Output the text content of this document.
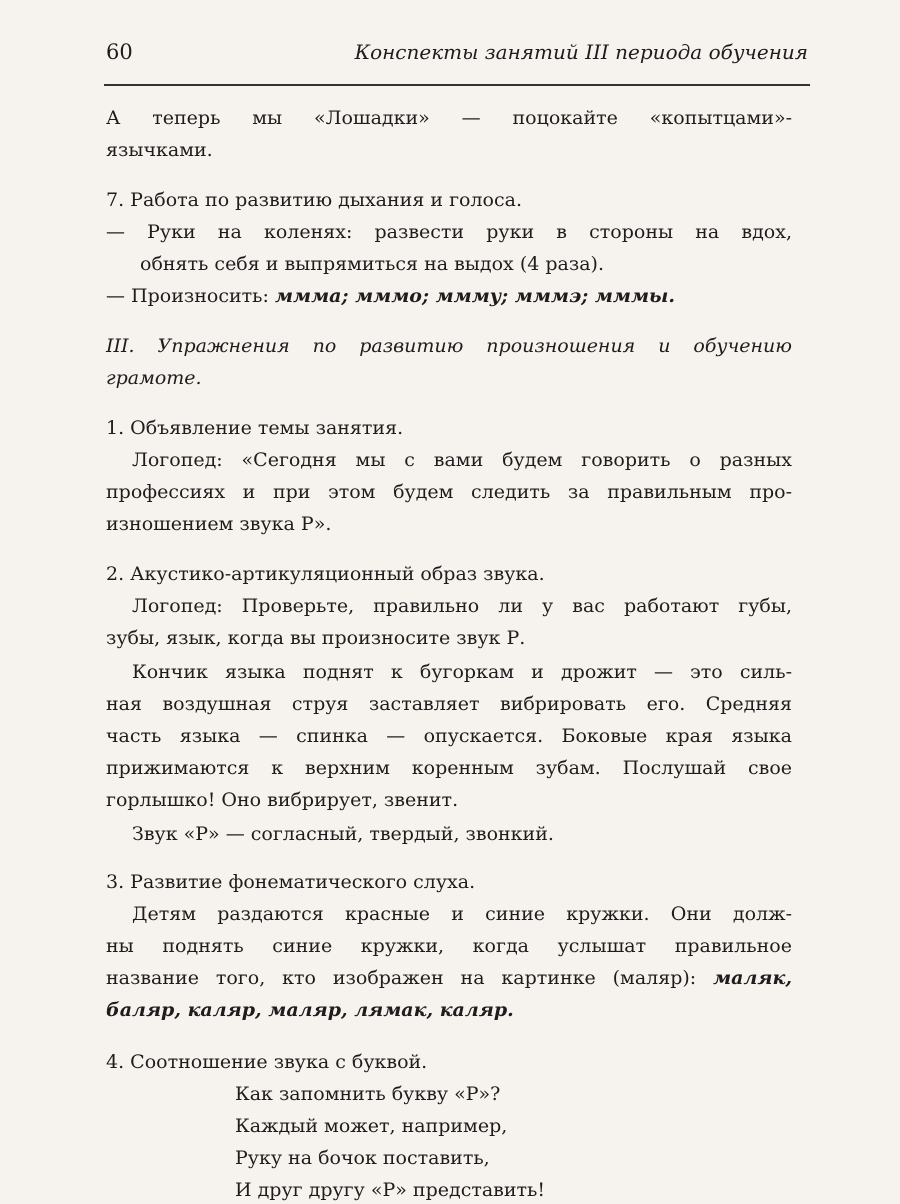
60	Конспекты занятий III периода обучения
А теперь мы «Лошадки» — поцокайте «копытцами»-
язычками.
7. Работа по развитию дыхания и голоса.
— Руки на коленях: развести руки в стороны на вдох,
обнять себя и выпрямиться на выдох (4 раза).
— Произносить: ммма; мммо; ммму; мммэ; мммы.
III. Упражнения по развитию произношения и обучению
грамоте.
1. Объявление темы занятия.
Логопед: «Сегодня мы с вами будем говорить о разных
профессиях и при этом будем следить за правильным про-
изношением звука Р».
2. Акустико-артикуляционный образ звука.
Логопед: Проверьте, правильно ли у вас работают губы,
зубы, язык, когда вы произносите звук Р.
Кончик языка поднят к бугоркам и дрожит — это силь-
ная воздушная струя заставляет вибрировать его. Средняя
часть языка — спинка — опускается. Боковые края языка
прижимаются к верхним коренным зубам. Послушай свое
горлышко! Оно вибрирует, звенит.
Звук «Р» — согласный, твердый, звонкий.
3. Развитие фонематического слуха.
Детям раздаются красные и синие кружки. Они долж-
ны поднять синие кружки, когда услышат правильное
название того, кто изображен на картинке (маляр): маляк,
баляр, каляр, маляр, лямак, каляр.
4. Соотношение звука с буквой.
Как запомнить букву «Р»?
Каждый может, например,
Руку на бочок поставить,
И друг другу «Р» представить!
